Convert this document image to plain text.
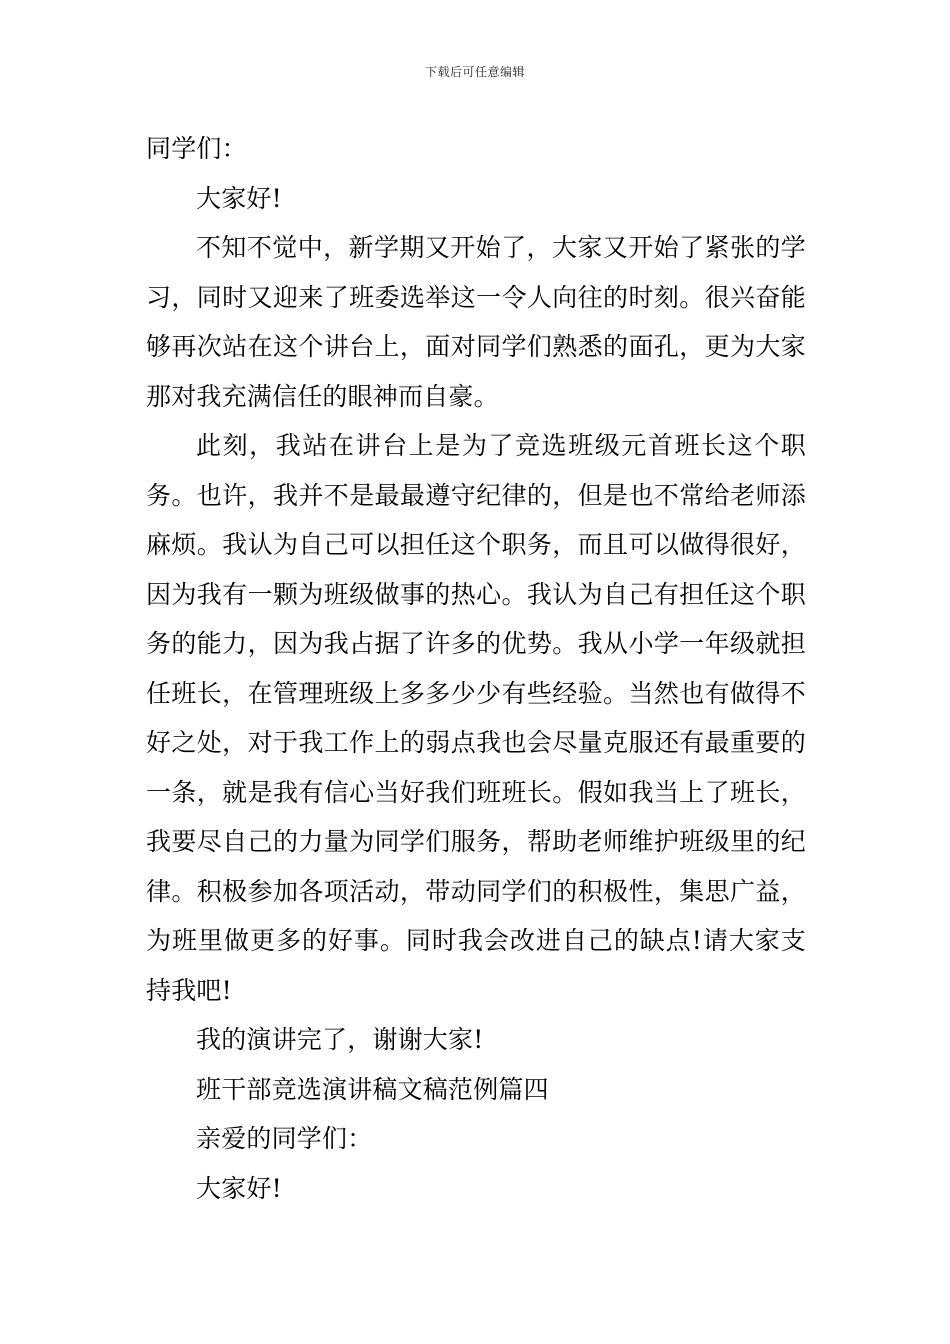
下载后可任意编辑

同学们：

大家好!

不知不觉中，新学期又开始了，大家又开始了紧张的学习，同时又迎来了班委选举这一令人向往的时刻。很兴奋能够再次站在这个讲台上，面对同学们熟悉的面孔，更为大家那对我充满信任的眼神而自豪。

此刻，我站在讲台上是为了竞选班级元首班长这个职务。也许，我并不是最最遵守纪律的，但是也不常给老师添麻烦。我认为自己可以担任这个职务，而且可以做得很好，因为我有一颗为班级做事的热心。我认为自己有担任这个职务的能力，因为我占据了许多的优势。我从小学一年级就担任班长，在管理班级上多多少少有些经验。当然也有做得不好之处，对于我工作上的弱点我也会尽量克服还有最重要的一条，就是我有信心当好我们班班长。假如我当上了班长，我要尽自己的力量为同学们服务，帮助老师维护班级里的纪律。积极参加各项活动，带动同学们的积极性，集思广益，为班里做更多的好事。同时我会改进自己的缺点!请大家支持我吧!

我的演讲完了，谢谢大家!

班干部竞选演讲稿文稿范例篇四

亲爱的同学们：

大家好!
